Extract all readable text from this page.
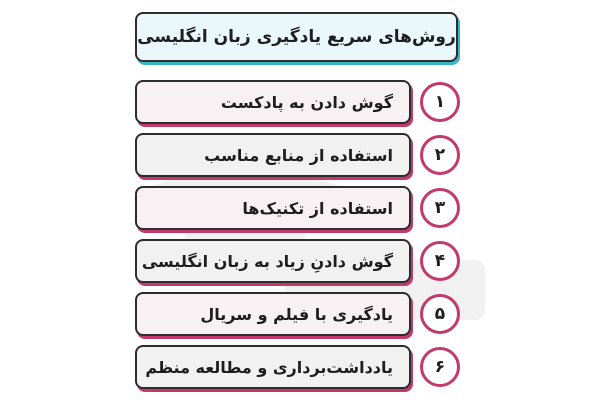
روش‌های سریع یادگیری زبان انگلیسی
گوش دادن به پادکست ۱
استفاده از منابع مناسب ۲
استفاده از تکنیک‌ها ۳
گوش دادنِ زیاد به زبان انگلیسی ۴
یادگیری با فیلم و سریال ۵
یادداشت‌برداری و مطالعه منظم ۶
